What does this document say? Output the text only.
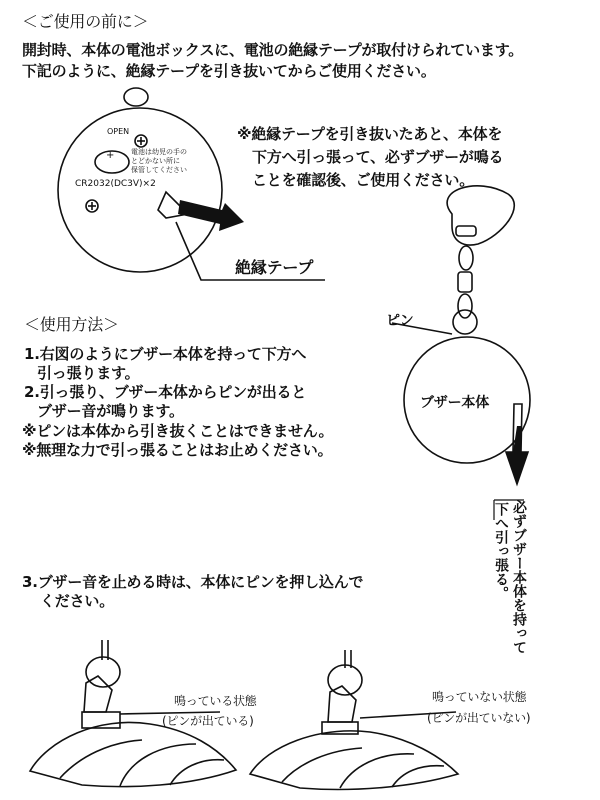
＜ご使用の前に＞
開封時、本体の電池ボックスに、電池の絶縁テープが取付けられています。
下記のように、絶縁テープを引き抜いてからご使用ください。
OPEN
+ 電池は幼児の手の
とどかない所に
保管してください
CR2032(DC3V)×2
絶縁テープ
※絶縁テープを引き抜いたあと、本体を
下方へ引っ張って、必ずブザーが鳴る
ことを確認後、ご使用ください。
＜使用方法＞
1.右図のようにブザー本体を持って下方へ
引っ張ります。
2.引っ張り、ブザー本体からピンが出ると
ブザー音が鳴ります。
※ピンは本体から引き抜くことはできません。
※無理な力で引っ張ることはお止めください。
ピン
ブザー本体
必ずブザー本体を持って
下へ引っ張る。
3.ブザー音を止める時は、本体にピンを押し込んで
ください。
鳴っている状態
(ピンが出ている)
鳴っていない状態
(ピンが出ていない)
